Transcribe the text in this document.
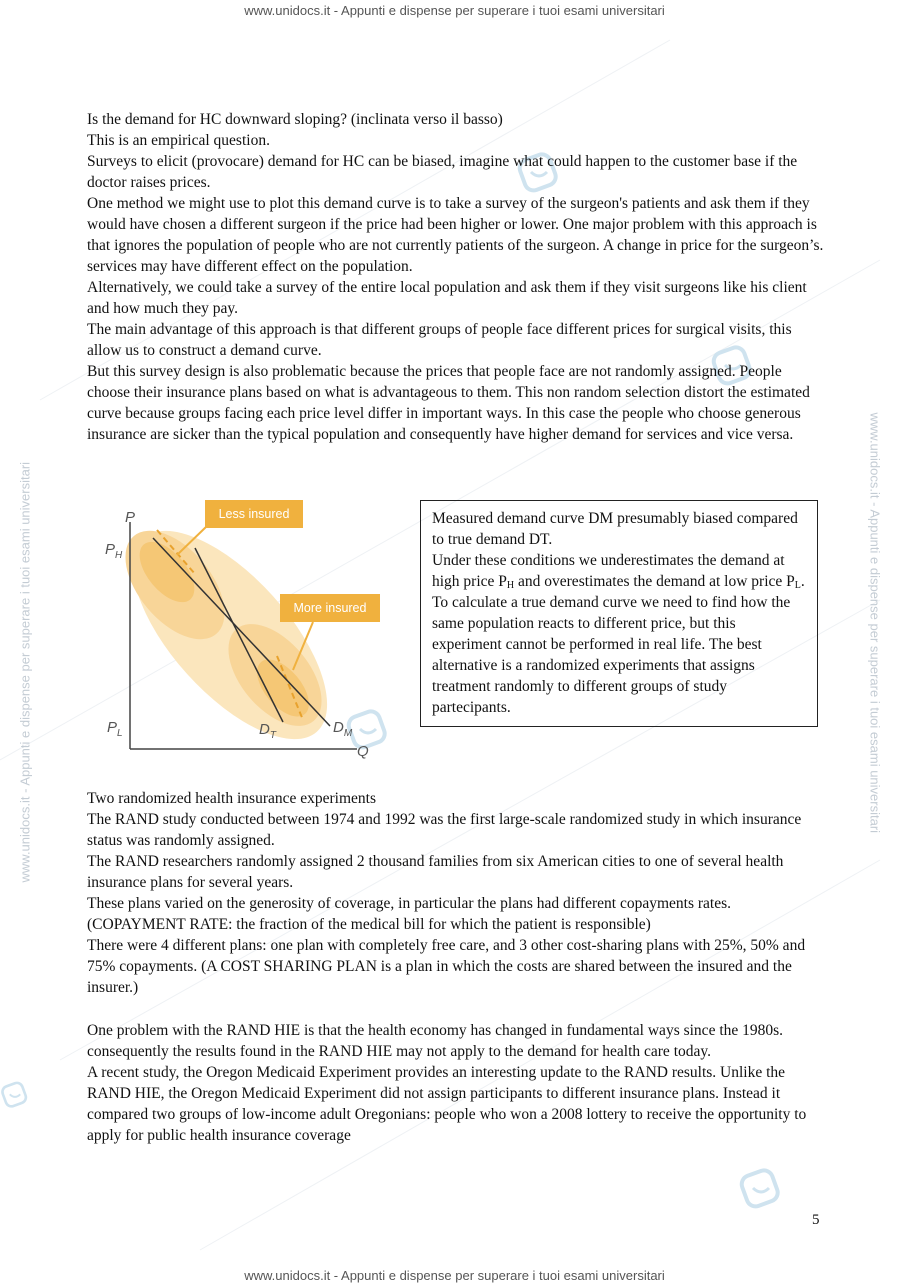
www.unidocs.it - Appunti e dispense per superare i tuoi esami universitari
www.unidocs.it - Appunti e dispense per superare i tuoi esami universitari
www.unidocs.it - Appunti e dispense per superare i tuoi esami universitari	www.unidocs.it - Appunti e dispense per superare i tuoi esami universitari

Is the demand for HC downward sloping? (inclinata verso il basso)

This is an empirical question.

Surveys to elicit (provocare) demand for HC can be biased, imagine what could happen to the customer base if the doctor raises prices.

One method we might use to plot this demand curve is to take a survey of the surgeon's patients and ask them if they would have chosen a different surgeon if the price had been higher or lower. One major problem with this approach is that ignores the population of people who are not currently patients of the surgeon. A change in price for the surgeon’s. services may have different effect on the population.

Alternatively, we could take a survey of the entire local population and ask them if they visit surgeons like his client and how much they pay.

The main advantage of this approach is that different groups of people face different prices for surgical visits, this allow us to construct a demand curve.

But this survey design is also problematic because the prices that people face are not randomly assigned. People choose their insurance plans based on what is advantageous to them. This non random selection distort the estimated curve because groups facing each price level differ in important ways. In this case the people who choose generous insurance are sicker than the typical population and consequently have higher demand for services and vice versa.

Less insured
More insured
P
Q
$P_H$
$P_L$	$D_T$	$D_M$

Measured demand curve DM presumably biased compared to true demand DT.

Under these conditions we underestimates the demand at high price $P_H$ and overestimates the demand at low price $P_L$.

To calculate a true demand curve we need to find how the same population reacts to different price, but this experiment cannot be performed in real life. The best alternative is a randomized experiments that assigns treatment randomly to different groups of study partecipants.

Two randomized health insurance experiments

The RAND study conducted between 1974 and 1992 was the first large-scale randomized study in which insurance status was randomly assigned.

The RAND researchers randomly assigned 2 thousand families from six American cities to one of several health insurance plans for several years.

These plans varied on the generosity of coverage, in particular the plans had different copayments rates. (COPAYMENT RATE: the fraction of the medical bill for which the patient is responsible)

There were 4 different plans: one plan with completely free care, and 3 other cost-sharing plans with 25%, 50% and 75% copayments. (A COST SHARING PLAN is a plan in which the costs are shared between the insured and the insurer.)

One problem with the RAND HIE is that the health economy has changed in fundamental ways since the 1980s. consequently the results found in the RAND HIE may not apply to the demand for health care today.

A recent study, the Oregon Medicaid Experiment provides an interesting update to the RAND results. Unlike the RAND HIE, the Oregon Medicaid Experiment did not assign participants to different insurance plans. Instead it compared two groups of low-income adult Oregonians: people who won a 2008 lottery to receive the opportunity to apply for public health insurance coverage

5
